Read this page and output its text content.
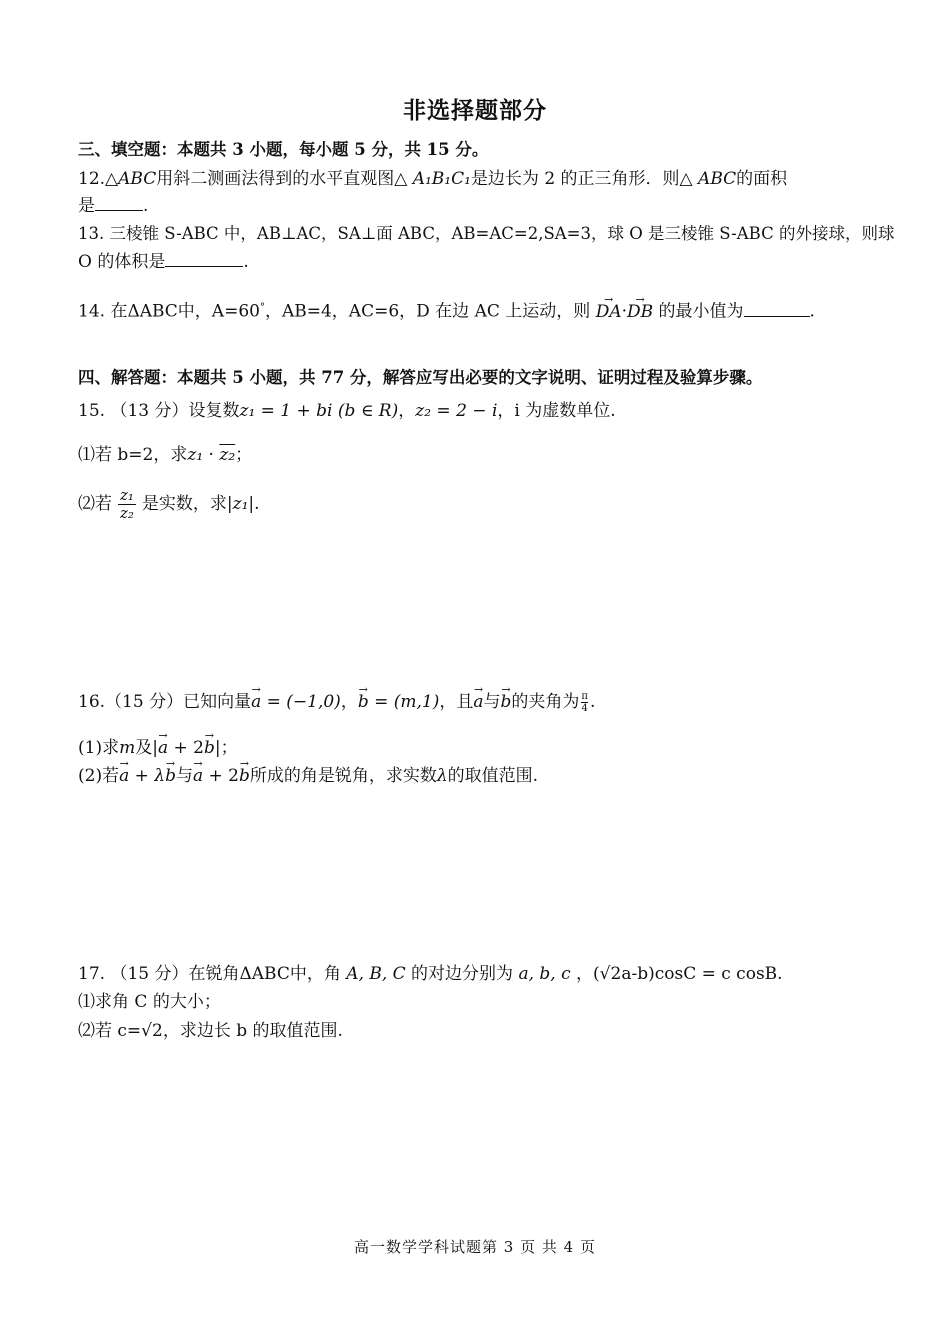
非选择题部分
三、填空题：本题共 3 小题，每小题 5 分，共 15 分。
12.△ABC用斜二测画法得到的水平直观图△ A₁B₁C₁是边长为 2 的正三角形．则△ ABC的面积
是	.
13. 三棱锥 S-ABC 中，AB⊥AC，SA⊥面 ABC，AB=AC=2,SA=3，球 O 是三棱锥 S-ABC 的外接球，则球
O 的体积是	.
14. 在ΔABC中，A=60°，AB=4，AC=6，D 在边 AC 上运动，则 → DA·→ DB 的最小值为	.
四、解答题：本题共 5 小题，共 77 分，解答应写出必要的文字说明、证明过程及验算步骤。
15. （13 分）设复数z₁ = 1 + bi (b ∈ R)，z₂ = 2 − i，i 为虚数单位.
⑴若 b=2，求z₁ · z₂；
⑵若 $\frac{\text{z₁}}{\text{z₂}}$ 是实数，求|z₁|.
16.（15 分）已知向量→ a = (−1,0)，→ b = (m,1)，且→ a与→ b的夹角为 $\frac{\pi}{4}$ .
(1)求m及|→ a + 2→ b|；
(2)若→ a + λ→ b与→ a + 2→ b所成的角是锐角，求实数λ的取值范围.
17. （15 分）在锐角ΔABC中，角 A, B, C 的对边分别为 a, b, c ，(√2a-b)cosC = c cosB.
⑴求角 C 的大小；
⑵若 c=√2，求边长 b 的取值范围.
高一数学学科试题第 3 页 共 4 页
